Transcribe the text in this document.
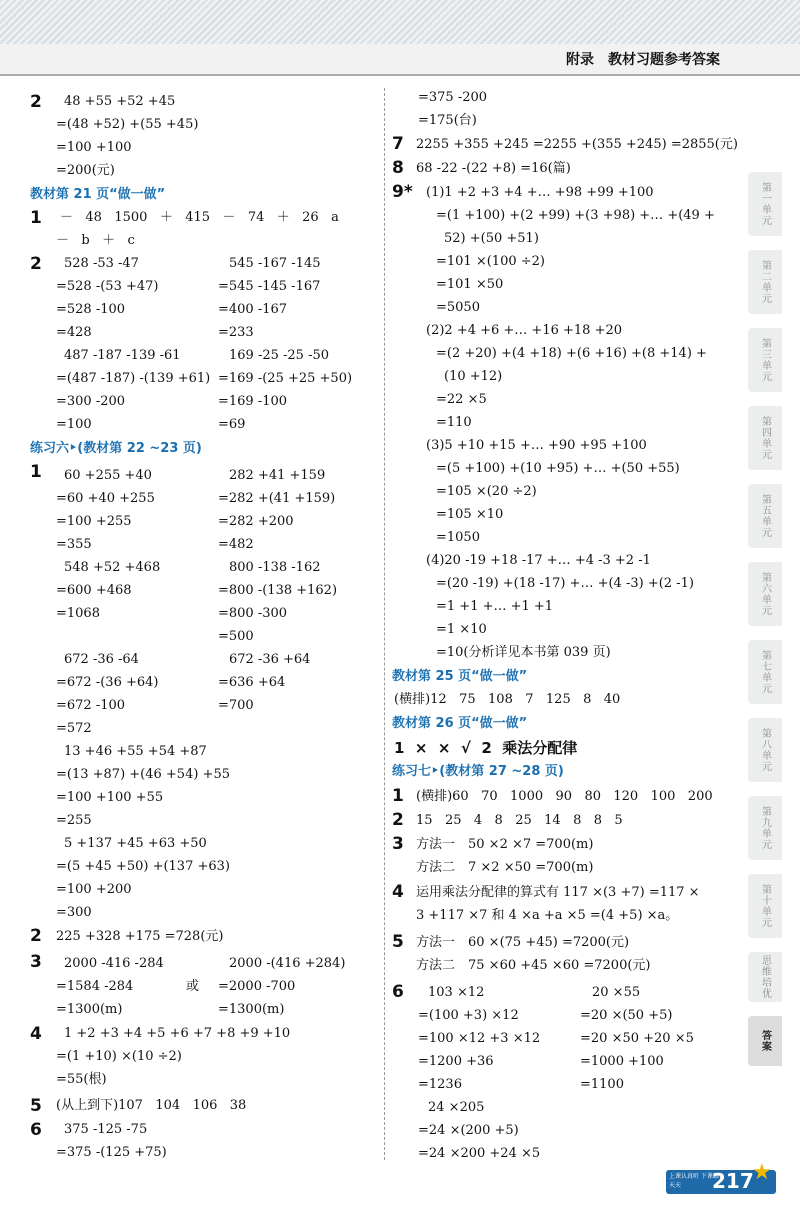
附录　教材习题参考答案
2 48 +55 +52 +45
=(48 +52) +(55 +45)
=100 +100
=200(元)
教材第 21 页“做一做”
1 －   48   1500   ＋   415   －   74   ＋   26   a
－   b   ＋   c
2 528 -53 -47
=528 -(53 +47)
=528 -100
=428
545 -167 -145
=545 -145 -167
=400 -167
=233
487 -187 -139 -61
=(487 -187) -(139 +61)
=300 -200
=100
169 -25 -25 -50
=169 -(25 +25 +50)
=169 -100
=69
练习六‣(教材第 22 ~23 页)
1 60 +255 +40
=60 +40 +255
=100 +255
=355
282 +41 +159
=282 +(41 +159)
=282 +200
=482
548 +52 +468
=600 +468
=1068
800 -138 -162
=800 -(138 +162)
=800 -300
=500
672 -36 -64
=672 -(36 +64)
=672 -100
=572
672 -36 +64
=636 +64
=700
13 +46 +55 +54 +87
=(13 +87) +(46 +54) +55
=100 +100 +55
=255
5 +137 +45 +63 +50
=(5 +45 +50) +(137 +63)
=100 +200
=300
2 225 +328 +175 =728(元)
3 2000 -416 -284
=1584 -284
=1300(m)
或
2000 -(416 +284)
=2000 -700
=1300(m)
4 1 +2 +3 +4 +5 +6 +7 +8 +9 +10
=(1 +10) ×(10 ÷2)
=55(根)
5 (从上到下)107   104   106   38
6 375 -125 -75
=375 -(125 +75)
=375 -200
=175(台)
7 2255 +355 +245 =2255 +(355 +245) =2855(元)
8 68 -22 -(22 +8) =16(篇)
9* (1)1 +2 +3 +4 +… +98 +99 +100
=(1 +100) +(2 +99) +(3 +98) +… +(49 +
52) +(50 +51)
=101 ×(100 ÷2)
=101 ×50
=5050
(2)2 +4 +6 +… +16 +18 +20
=(2 +20) +(4 +18) +(6 +16) +(8 +14) +
(10 +12)
=22 ×5
=110
(3)5 +10 +15 +… +90 +95 +100
=(5 +100) +(10 +95) +… +(50 +55)
=105 ×(20 ÷2)
=105 ×10
=1050
(4)20 -19 +18 -17 +… +4 -3 +2 -1
=(20 -19) +(18 -17) +… +(4 -3) +(2 -1)
=1 +1 +… +1 +1
=1 ×10
=10(分析详见本书第 039 页)
教材第 25 页“做一做”
(横排)12   75   108   7   125   8   40
教材第 26 页“做一做”
1  ×  ×  √  2  乘法分配律
练习七‣(教材第 27 ~28 页)
1 (横排)60   70   1000   90   80   120   100   200
2 15   25   4   8   25   14   8   8   5
3 方法一　50 ×2 ×7 =700(m)
方法二　7 ×2 ×50 =700(m)
4 运用乘法分配律的算式有 117 ×(3 +7) =117 ×
3 +117 ×7 和 4 ×a +a ×5 =(4 +5) ×a。
5 方法一　60 ×(75 +45) =7200(元)
方法二　75 ×60 +45 ×60 =7200(元)
6 103 ×12
=(100 +3) ×12
=100 ×12 +3 ×12
=1200 +36
=1236
20 ×55
=20 ×(50 +5)
=20 ×50 +20 ×5
=1000 +100
=1100
24 ×205
=24 ×(200 +5)
=24 ×200 +24 ×5
第一单元
第二单元
第三单元
第四单元
第五单元
第六单元
第七单元
第八单元
第九单元
第十单元
思维培优
答案
上课认真听 下课练天天	217
★
